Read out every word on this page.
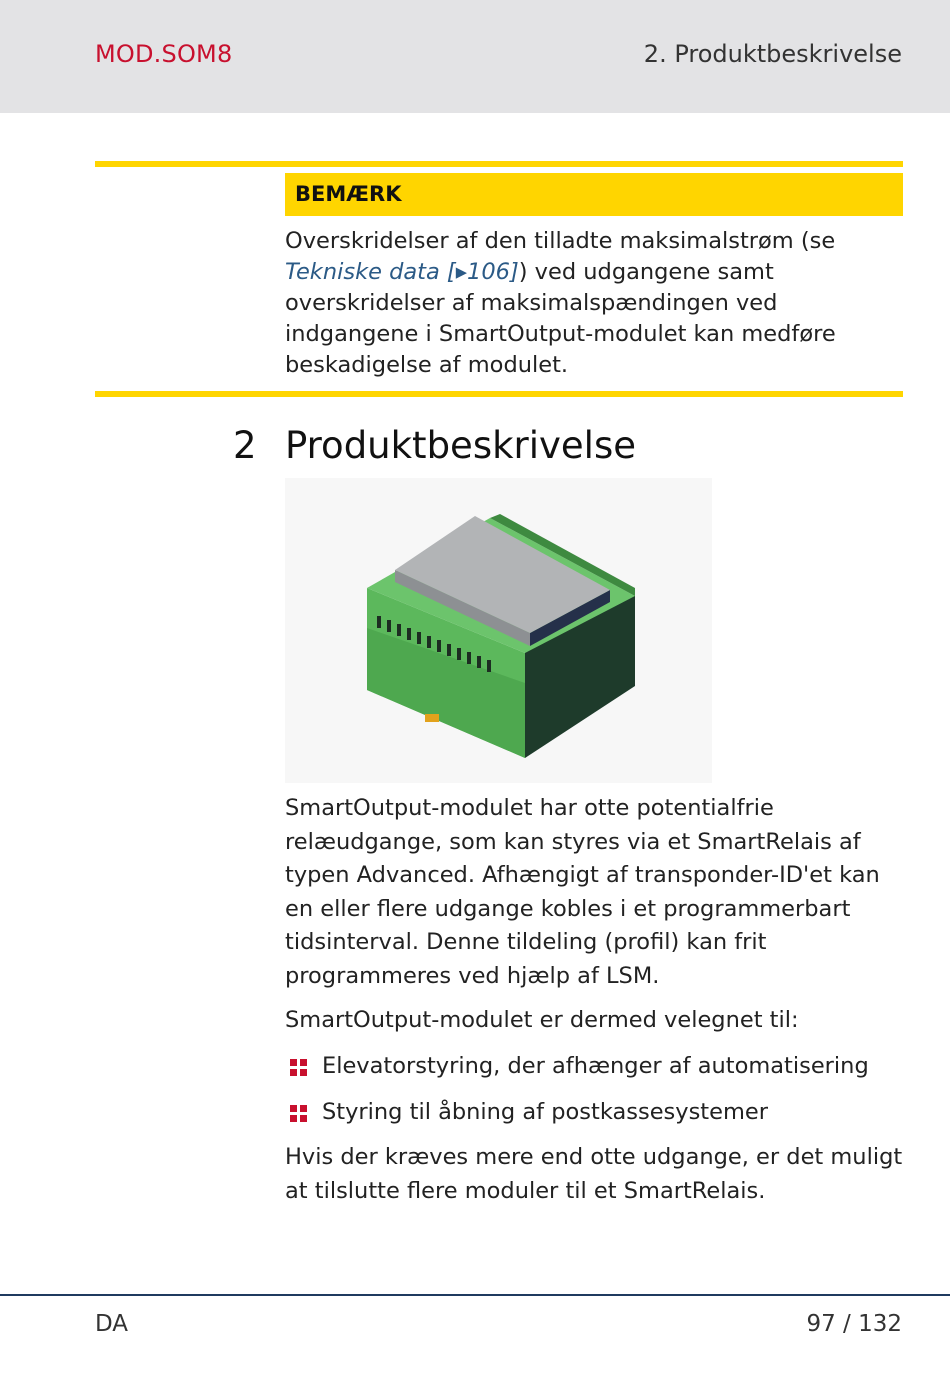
MOD.SOM8	2. Produktbeskrivelse
BEMÆRK

Overskridelser af den tilladte maksimalstrøm (se Tekniske data [▸106]) ved udgangene samt overskridelser af maksimalspændingen ved indgangene i SmartOutput-modulet kan medføre beskadigelse af modulet.

2 Produktbeskrivelse

SmartOutput-modulet har otte potentialfrie relæudgange, som kan styres via et SmartRelais af typen Advanced. Afhængigt af transponder-ID'et kan en eller flere udgange kobles i et programmerbart tidsinterval. Denne tildeling (profil) kan frit programmeres ved hjælp af LSM.

SmartOutput-modulet er dermed velegnet til:

Elevatorstyring, der afhænger af automatisering
Styring til åbning af postkassesystemer

Hvis der kræves mere end otte udgange, er det muligt at tilslutte flere moduler til et SmartRelais.

DA	97 / 132
